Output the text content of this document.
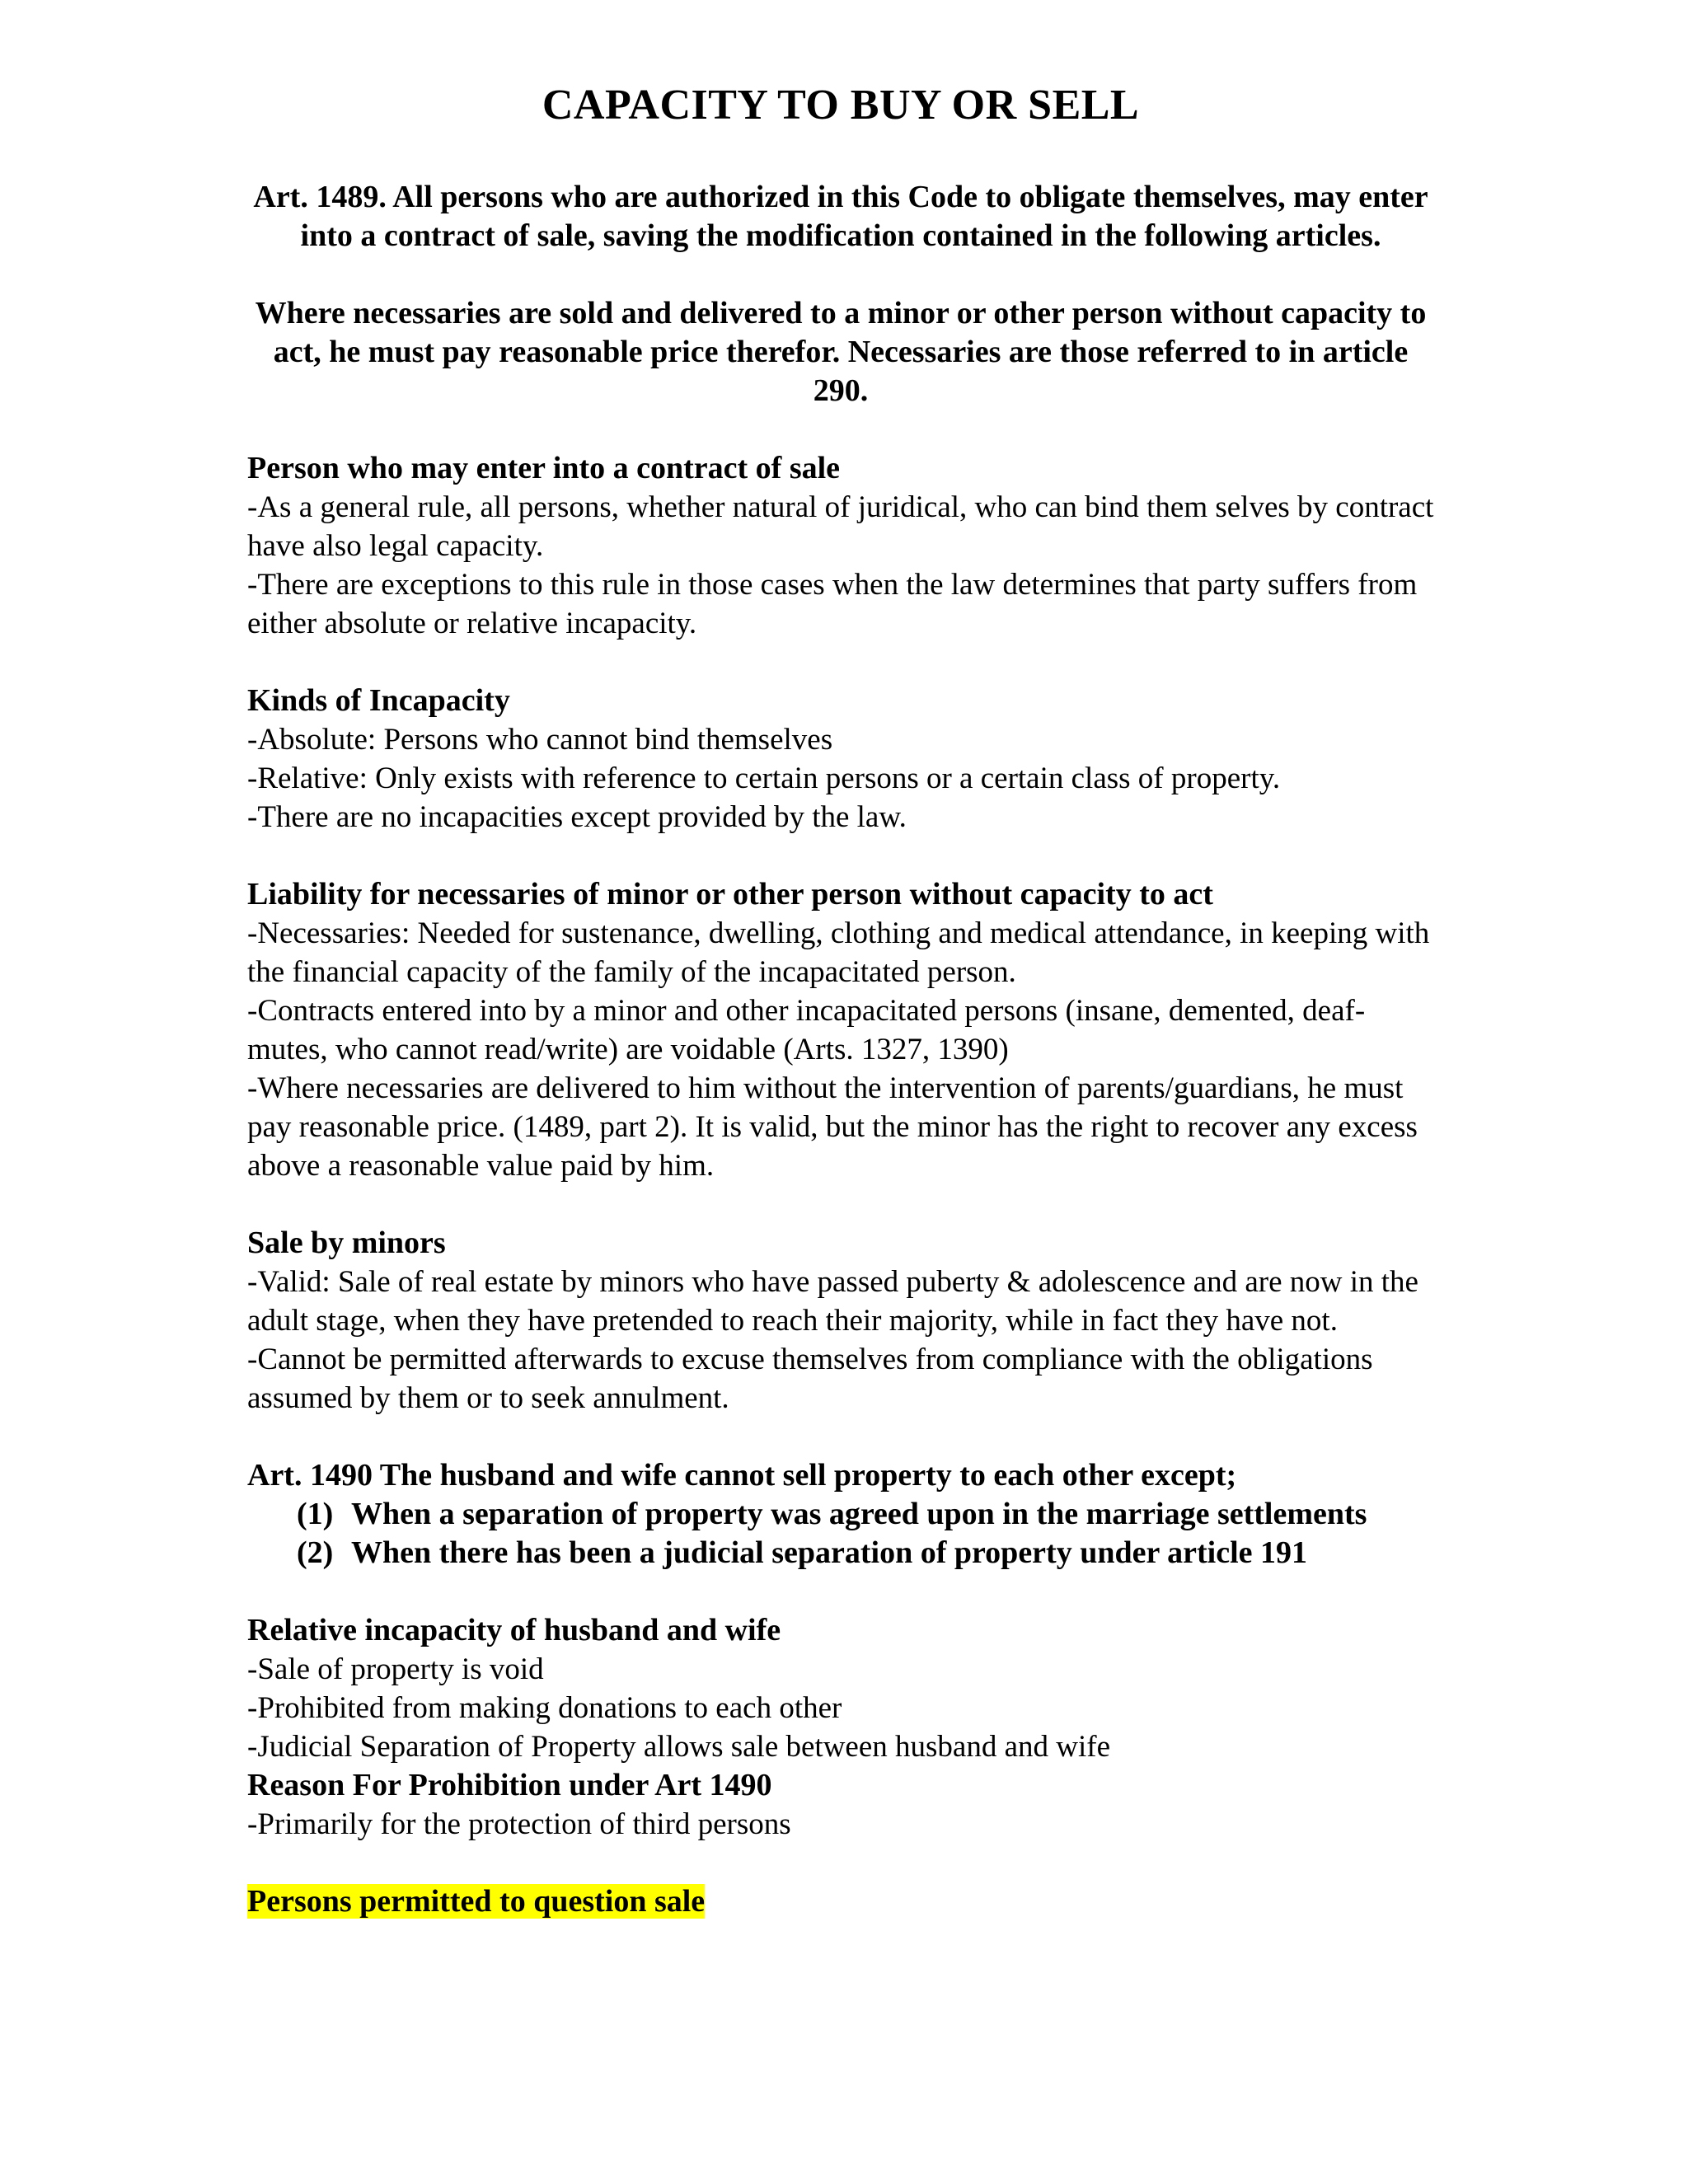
CAPACITY TO BUY OR SELL

Art. 1489. All persons who are authorized in this Code to obligate themselves, may enter into a contract of sale, saving the modification contained in the following articles.

Where necessaries are sold and delivered to a minor or other person without capacity to act, he must pay reasonable price therefor. Necessaries are those referred to in article 290.

Person who may enter into a contract of sale

-As a general rule, all persons, whether natural of juridical, who can bind them selves by contract have also legal capacity.

-There are exceptions to this rule in those cases when the law determines that party suffers from either absolute or relative incapacity.

Kinds of Incapacity

-Absolute: Persons who cannot bind themselves

-Relative: Only exists with reference to certain persons or a certain class of property.

-There are no incapacities except provided by the law.

Liability for necessaries of minor or other person without capacity to act

-Necessaries: Needed for sustenance, dwelling, clothing and medical attendance, in keeping with the financial capacity of the family of the incapacitated person.

-Contracts entered into by a minor and other incapacitated persons (insane, demented, deaf-mutes, who cannot read/write) are voidable (Arts. 1327, 1390)

-Where necessaries are delivered to him without the intervention of parents/guardians, he must pay reasonable price. (1489, part 2). It is valid, but the minor has the right to recover any excess above a reasonable value paid by him.

Sale by minors

-Valid: Sale of real estate by minors who have passed puberty & adolescence and are now in the adult stage, when they have pretended to reach their majority, while in fact they have not.

-Cannot be permitted afterwards to excuse themselves from compliance with the obligations assumed by them or to seek annulment.

Art. 1490 The husband and wife cannot sell property to each other except;

(1) When a separation of property was agreed upon in the marriage settlements
(2) When there has been a judicial separation of property under article 191

Relative incapacity of husband and wife

-Sale of property is void

-Prohibited from making donations to each other

-Judicial Separation of Property allows sale between husband and wife

Reason For Prohibition under Art 1490

-Primarily for the protection of third persons

Persons permitted to question sale
